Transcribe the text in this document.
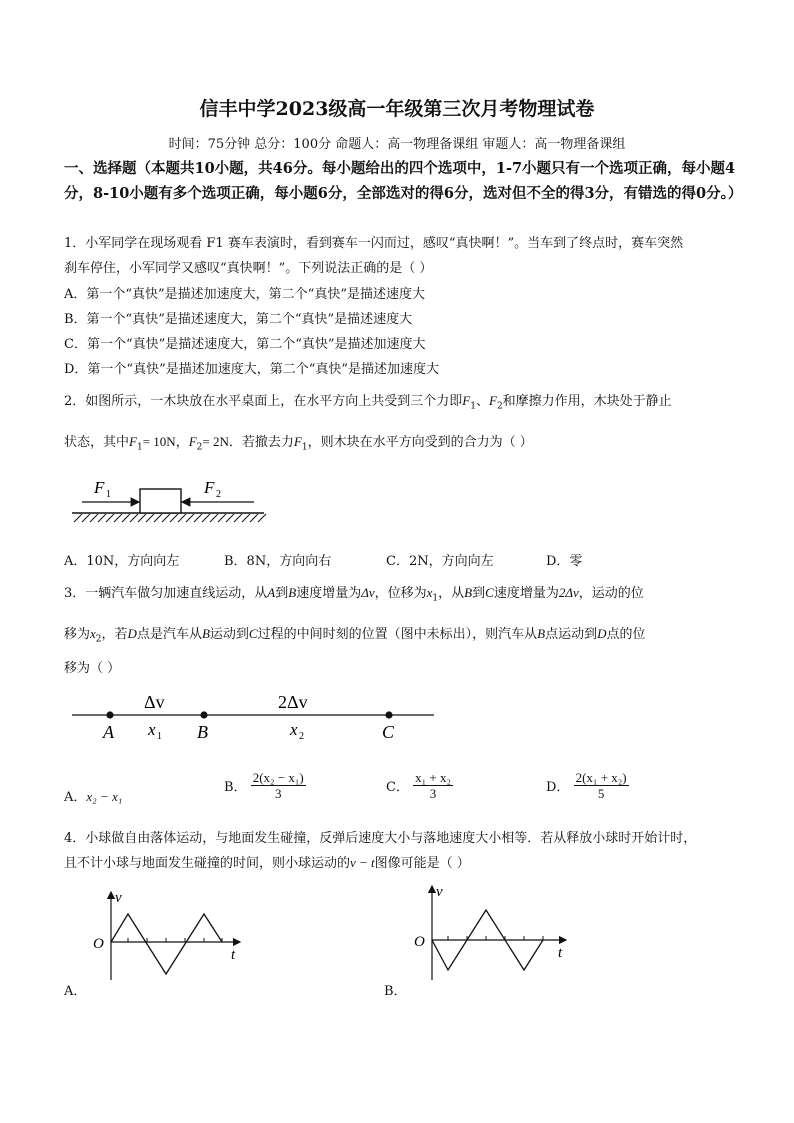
信丰中学2023级高一年级第三次月考物理试卷
时间：75分钟 总分：100分 命题人：高一物理备课组 审题人：高一物理备课组
一、选择题（本题共10小题，共46分。每小题给出的四个选项中，1-7小题只有一个选项正确，每小题4分，8-10小题有多个选项正确，每小题6分，全部选对的得6分，选对但不全的得3分，有错选的得0分。）
1．小军同学在现场观看 F1 赛车表演时，看到赛车一闪而过，感叹“真快啊！”。当车到了终点时，赛车突然
刹车停住，小军同学又感叹“真快啊！”。下列说法正确的是（ ）
A．第一个“真快”是描述加速度大，第二个“真快”是描述速度大
B．第一个“真快”是描述速度大，第二个“真快”是描述速度大
C．第一个“真快”是描述速度大，第二个“真快”是描述加速度大
D．第一个“真快”是描述加速度大，第二个“真快”是描述加速度大
2．如图所示，一木块放在水平桌面上，在水平方向上共受到三个力即$F_1$、$F_2$和摩擦力作用，木块处于静止
状态，其中$F_1= 10N$，$F_2= 2N$．若撤去力$F_1$，则木块在水平方向受到的合力为（ ）
F 1	F 2
A．10N，方向向左	B．8N，方向向右	C．2N，方向向左	D．零
3．一辆汽车做匀加速直线运动，从A到B速度增量为Δv，位移为$x_1$，从B到C速度增量为2Δv，运动的位
移为$x_2$，若D点是汽车从B运动到C过程的中间时刻的位置（图中未标出），则汽车从B点运动到D点的位
移为（ ）
Δv	2Δv
x 1	x 2
A	B	C
A．x₂ − x₁
B． $\frac{\text{2(x₂ − x₁)}}{3}$	C． $\frac{\text{x₁ + x₂}}{3}$	D． $\frac{\text{2(x₁ + x₂)}}{5}$
4．小球做自由落体运动，与地面发生碰撞，反弹后速度大小与落地速度大小相等．若从释放小球时开始计时，
且不计小球与地面发生碰撞的时间，则小球运动的v − t图像可能是（ ）
v
O
t
A．
v
O
t
B．
